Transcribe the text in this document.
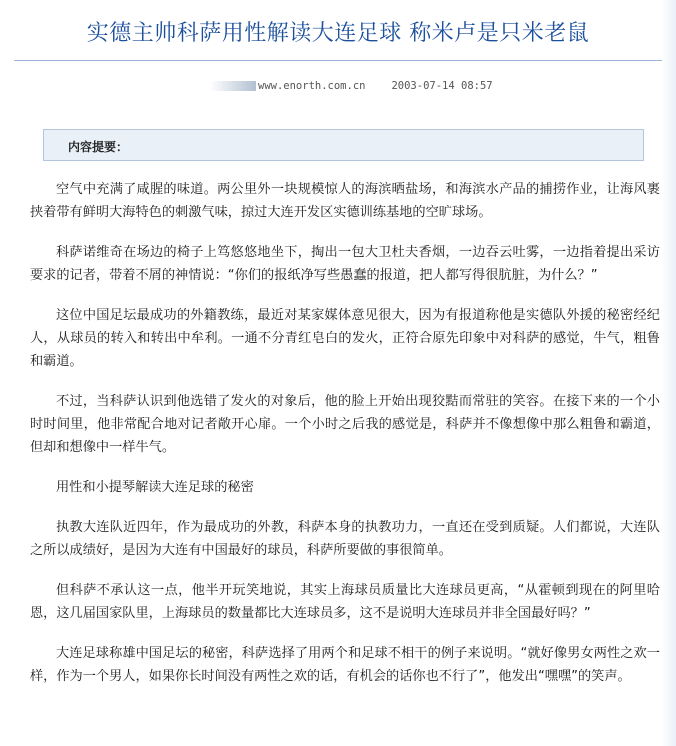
实德主帅科萨用性解读大连足球 称米卢是只米老鼠
www.enorth.com.cn 2003-07-14 08:57
内容提要：

空气中充满了咸腥的味道。两公里外一块规模惊人的海滨晒盐场，和海滨水产品的捕捞作业，让海风裹挟着带有鲜明大海特色的刺激气味，掠过大连开发区实德训练基地的空旷球场。

科萨诺维奇在场边的椅子上笃悠悠地坐下，掏出一包大卫杜夫香烟，一边吞云吐雾，一边指着提出采访要求的记者，带着不屑的神情说：“你们的报纸净写些愚蠢的报道，把人都写得很肮脏，为什么？”

这位中国足坛最成功的外籍教练，最近对某家媒体意见很大，因为有报道称他是实德队外援的秘密经纪人，从球员的转入和转出中牟利。一通不分青红皂白的发火，正符合原先印象中对科萨的感觉，牛气，粗鲁和霸道。

不过，当科萨认识到他选错了发火的对象后，他的脸上开始出现狡黠而常驻的笑容。在接下来的一个小时时间里，他非常配合地对记者敞开心扉。一个小时之后我的感觉是，科萨并不像想像中那么粗鲁和霸道，但却和想像中一样牛气。

用性和小提琴解读大连足球的秘密

执教大连队近四年，作为最成功的外教，科萨本身的执教功力，一直还在受到质疑。人们都说，大连队之所以成绩好，是因为大连有中国最好的球员，科萨所要做的事很简单。

但科萨不承认这一点，他半开玩笑地说，其实上海球员质量比大连球员更高，“从霍顿到现在的阿里哈恩，这几届国家队里，上海球员的数量都比大连球员多，这不是说明大连球员并非全国最好吗？”

大连足球称雄中国足坛的秘密，科萨选择了用两个和足球不相干的例子来说明。“就好像男女两性之欢一样，作为一个男人，如果你长时间没有两性之欢的话，有机会的话你也不行了”，他发出“嘿嘿”的笑声。
